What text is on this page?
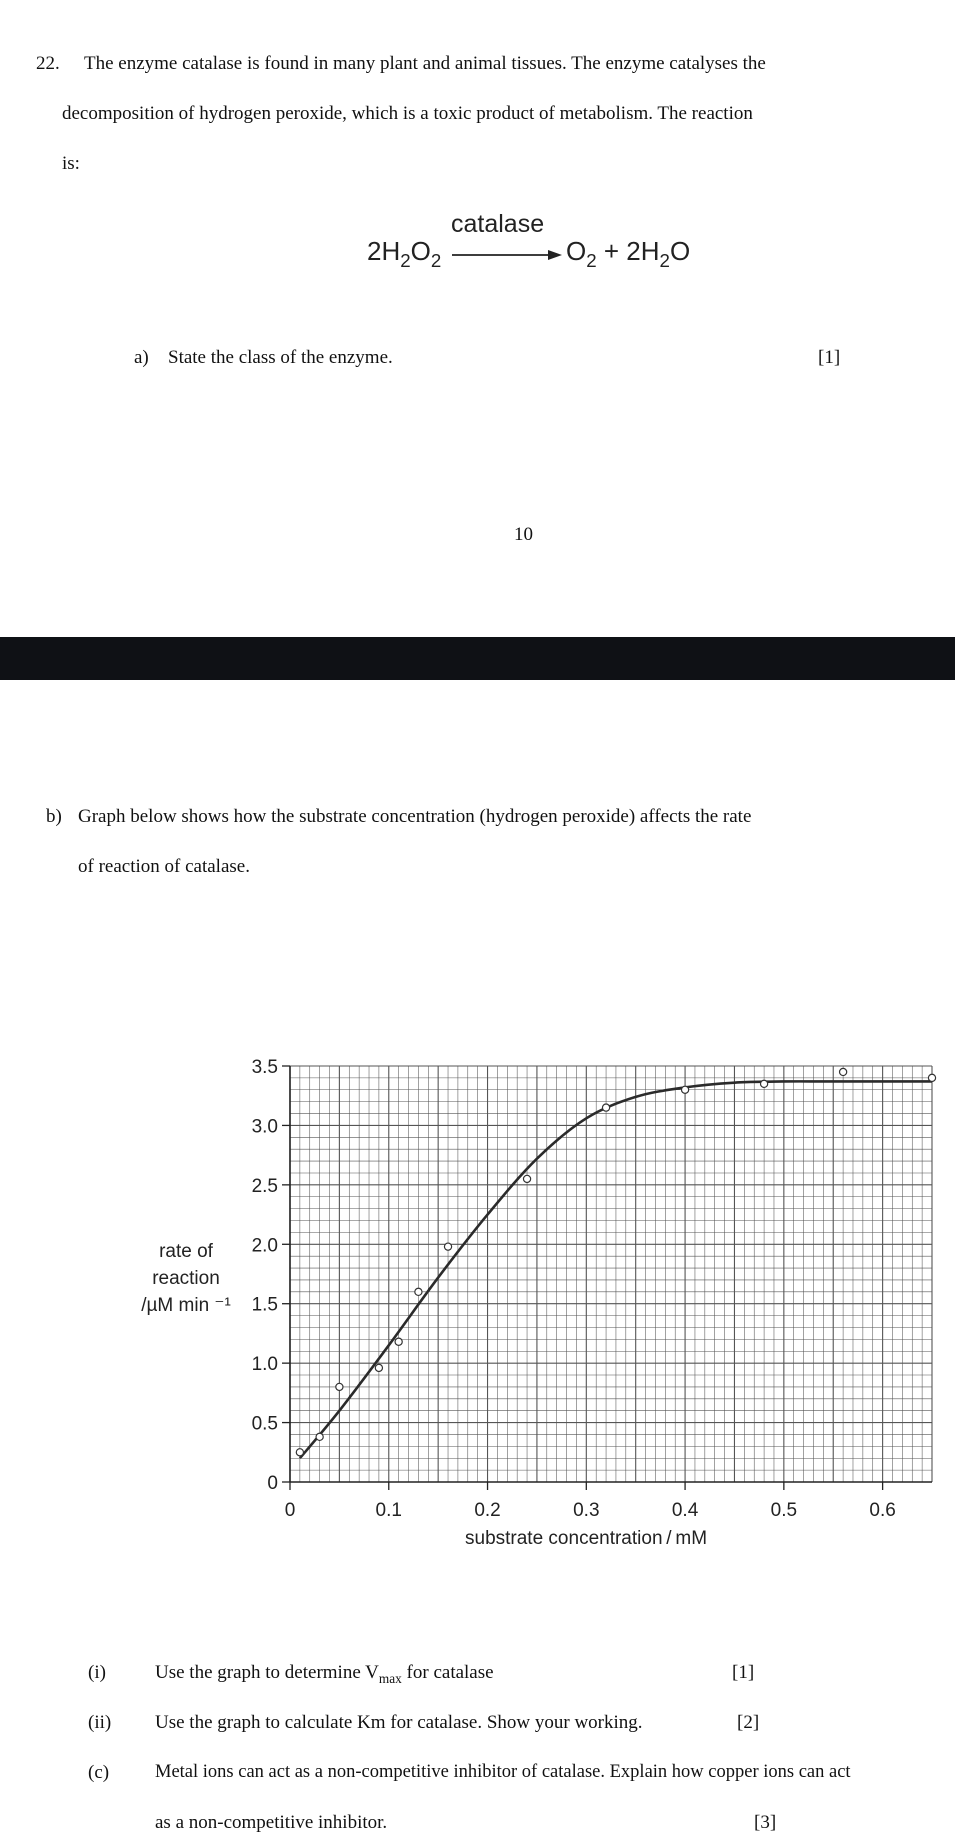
22. The enzyme catalase is found in many plant and animal tissues. The enzyme catalyses the
decomposition of hydrogen peroxide, which is a toxic product of metabolism. The reaction
is:
$2H_2O_2$
catalase
$O_2 + 2H_2O$
a) State the class of the enzyme.	[1]
10
b) Graph below shows how the substrate concentration (hydrogen peroxide) affects the rate
of reaction of catalase.
rate of
reaction
/µM min ⁻¹
substrate concentration / mM
0
0.5
1.0
1.5
2.0
2.5
3.0
3.5
0	0.1	0.2	0.3	0.4	0.5	0.6
(i)	Use the graph to determine $V_{max}$ for catalase	[1]
(ii) Use the graph to calculate Km for catalase. Show your working.	[2]
(c) Metal ions can act as a non-competitive inhibitor of catalase. Explain how copper ions can act
as a non-competitive inhibitor.	[3]
